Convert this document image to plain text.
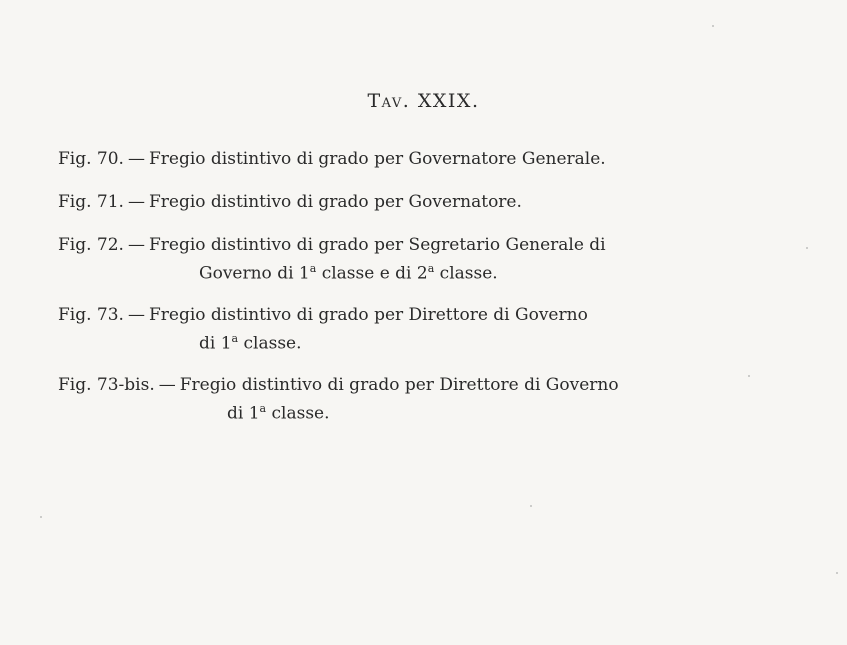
Tav. XXIX.
Fig. 70. — Fregio distintivo di grado per Governatore Generale.
Fig. 71. — Fregio distintivo di grado per Governatore.
Fig. 72. — Fregio distintivo di grado per Segretario Generale di
Governo di 1$^a$ classe e di 2$^a$ classe.
Fig. 73. — Fregio distintivo di grado per Direttore di Governo
di 1$^a$ classe.
Fig. 73-bis. — Fregio distintivo di grado per Direttore di Governo
di 1$^a$ classe.
